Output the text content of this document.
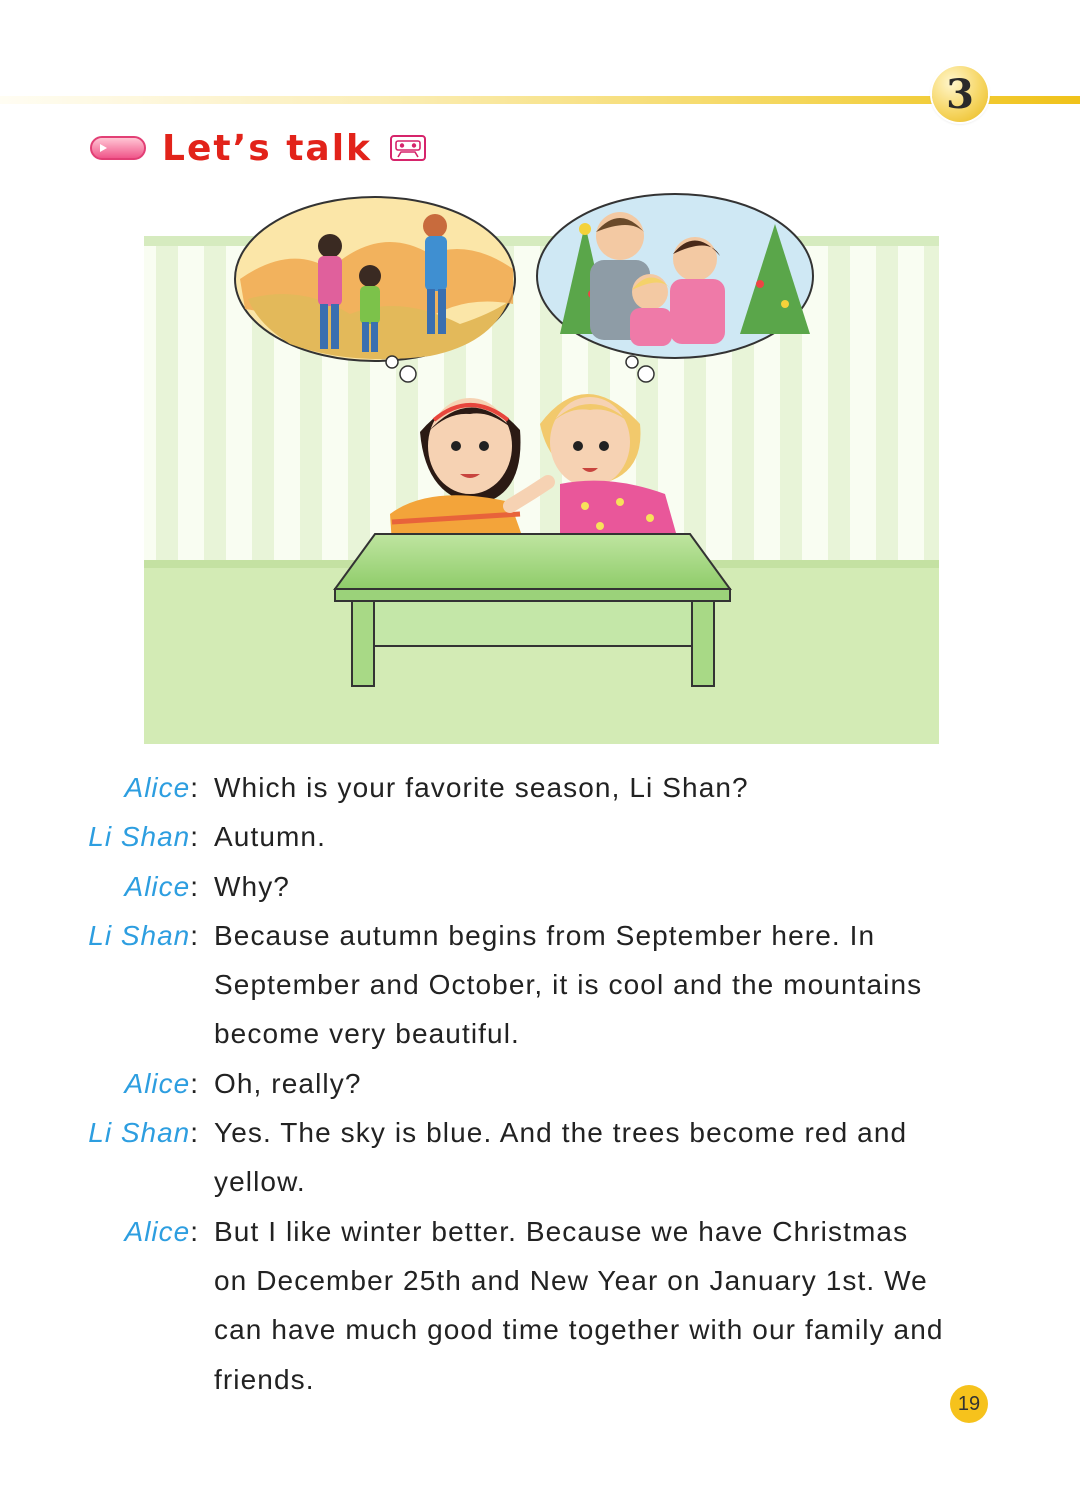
3
Let’s talk
Alice: Which is your favorite season, Li Shan?
Li Shan: Autumn.
Alice: Why?
Li Shan: Because autumn begins from September here. In
September and October, it is cool and the mountains
become very beautiful.
Alice: Oh, really?
Li Shan: Yes. The sky is blue. And the trees become red and
yellow.
Alice: But I like winter better. Because we have Christmas
on December 25th and New Year on January 1st. We
can have much good time together with our family and
friends.
19
